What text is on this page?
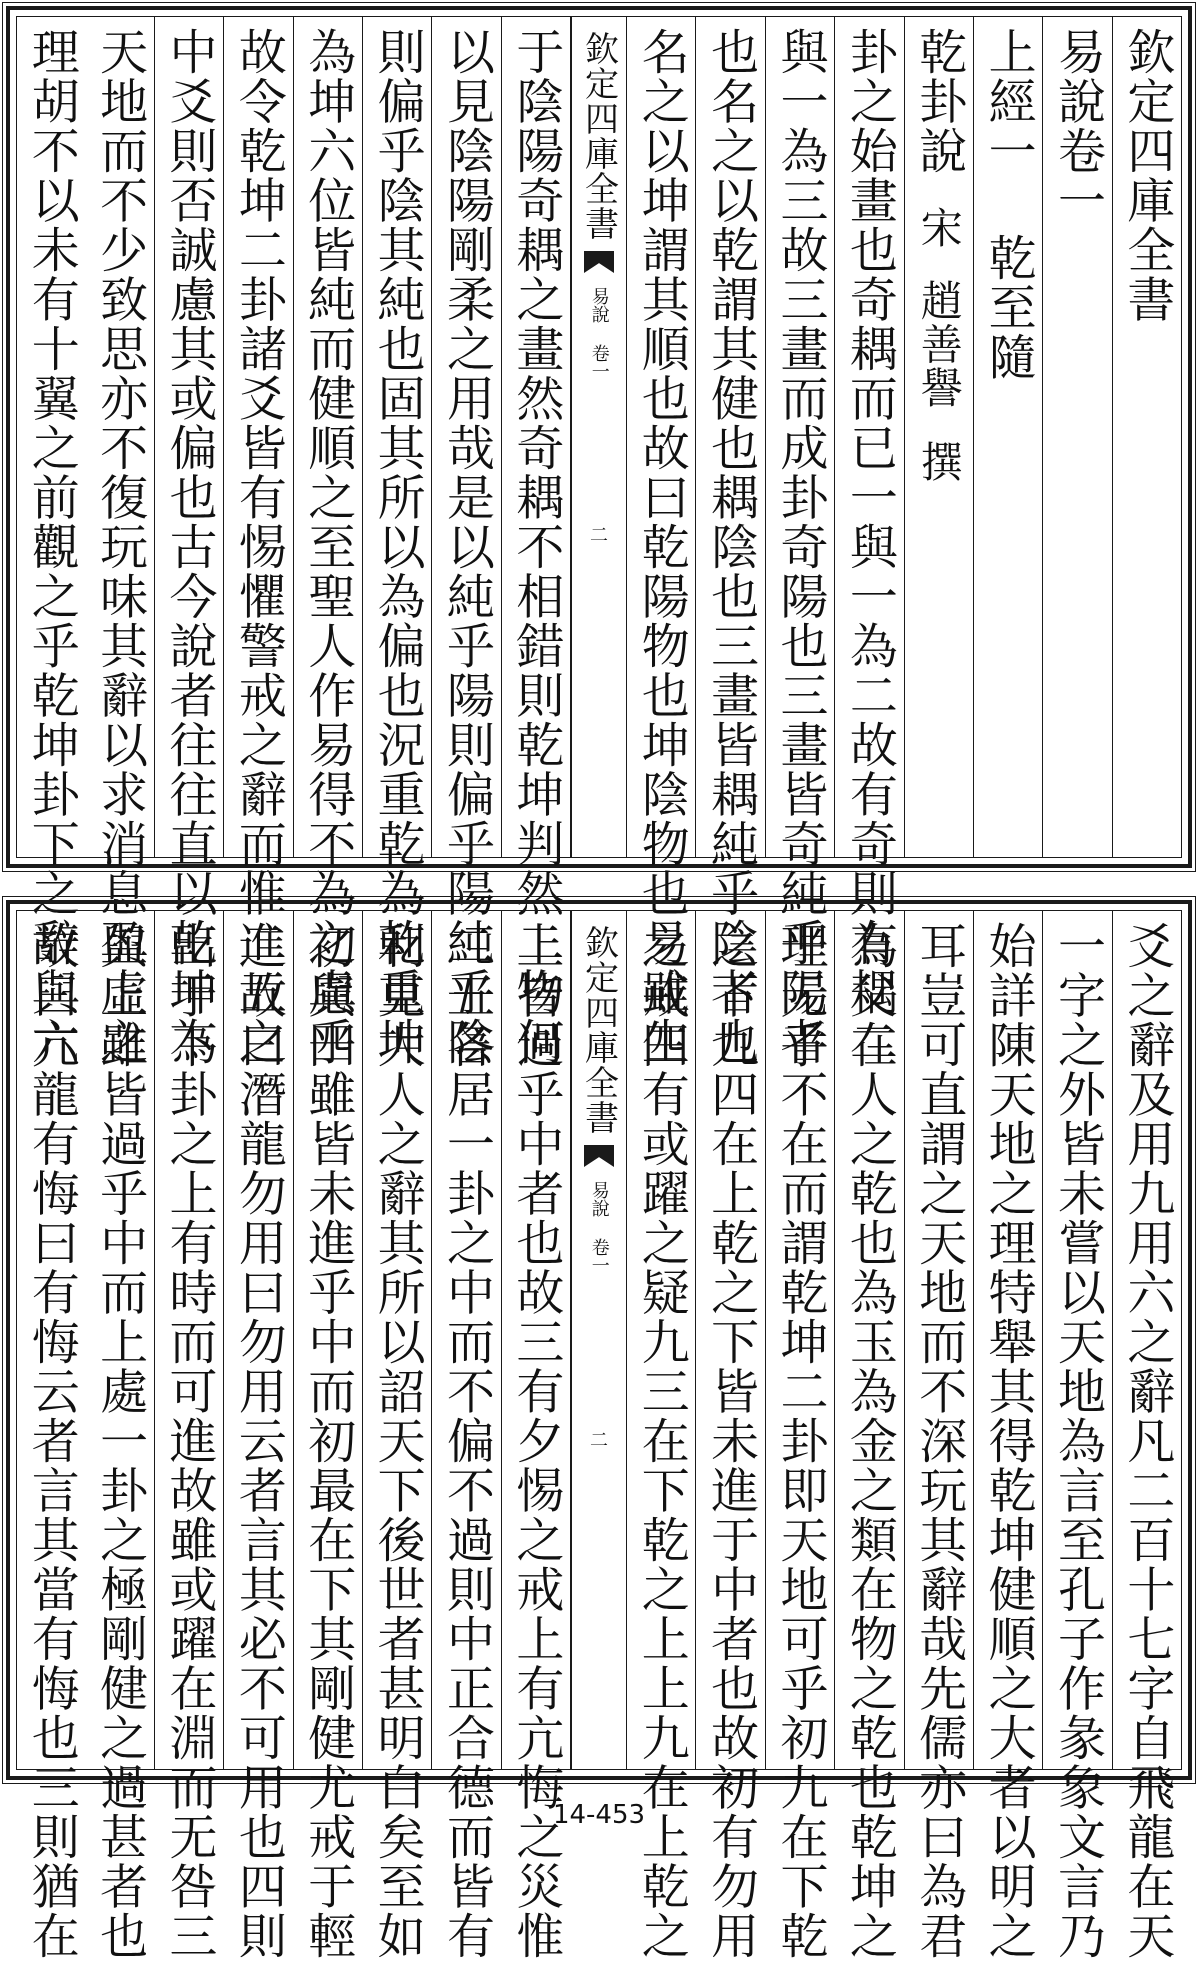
欽定四庫全書
易說卷一
上經一 乾至隨
乾卦說
宋
趙善譽
撰
卦之始畫也奇耦而已一與一為二故有奇則有耦二
與一為三故三畫而成卦奇陽也三畫皆奇純乎陽者
也名之以乾謂其健也耦陰也三畫皆耦純乎陰者也
名之以坤謂其順也故曰乾陽物也坤陰物也易雖生
欽定四庫全書
易說 卷一
二
于陰陽奇耦之畫然奇耦不相錯則乾坤判然二物何
以見陰陽剛柔之用哉是以純乎陽則偏乎陽純乎陰
則偏乎陰其純也固其所以為偏也況重乾為乾重坤
為坤六位皆純而健順之至聖人作易得不為之慮乎
故令乾坤二卦諸爻皆有惕懼警戒之辭而惟二五之
中爻則否誠慮其或偏也古今說者往往直以乾坤為
天地而不少致思亦不復玩味其辭以求消息盈虛之
理胡不以未有十翼之前觀之乎乾坤卦下之辭與六
爻之辭及用九用六之辭凡二百十七字自飛龍在天
一字之外皆未嘗以天地為言至孔子作彖象文言乃
始詳陳天地之理特舉其得乾坤健順之大者以明之
耳豈可直謂之天地而不深玩其辭哉先儒亦曰為君
為父在人之乾也為玉為金之類在物之乾也乾坤之
理无乎不在而謂乾坤二卦即天地可乎初九在下乾
之下九四在上乾之下皆未進于中者也故初有勿用
之戒四有或躍之疑九三在下乾之上上九在上乾之
欽定四庫全書
易說 卷一
二
上皆過乎中者也故三有夕惕之戒上有亢悔之災惟
二五各居一卦之中而不偏不過則中正合德而皆有
利見大人之辭其所以詔天下後世者甚明白矣至如
初與四雖皆未進乎中而初最在下其剛健尤戒于輕
進故曰潛龍勿用曰勿用云者言其必不可用也四則
出于下卦之上有時而可進故雖或躍在淵而无咎三
與上雖皆過乎中而上處一卦之極剛健之過甚者也
故曰亢龍有悔曰有悔云者言其當有悔也三則猶在	14-453
